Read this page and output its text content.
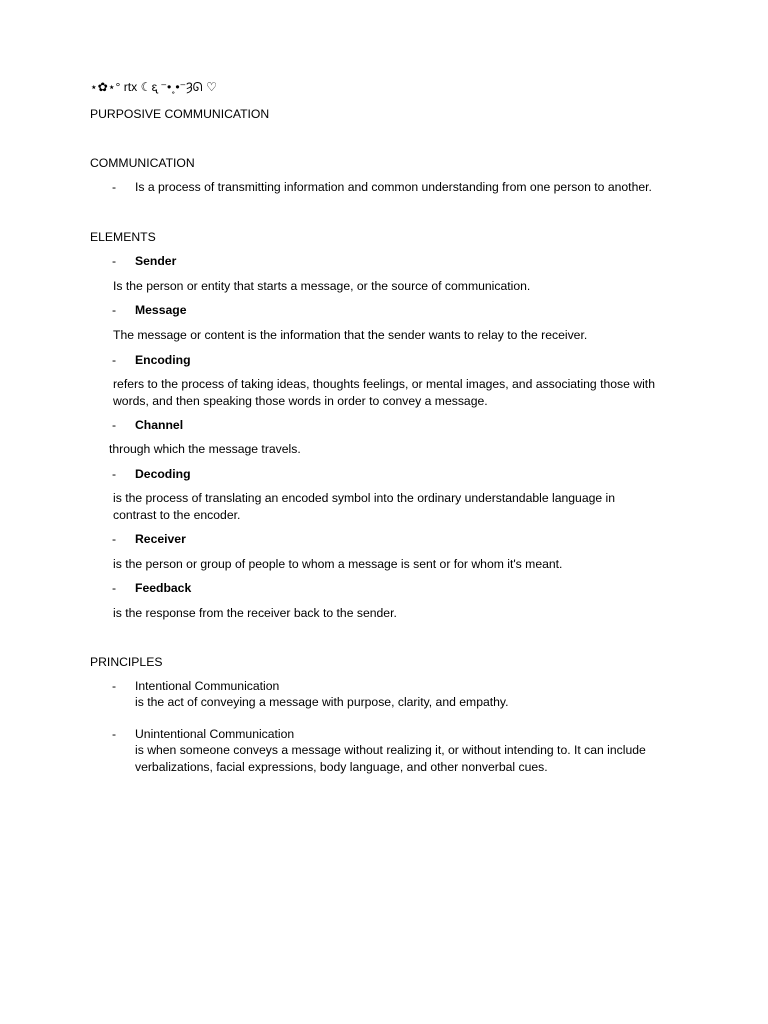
⋆✿⋆° rtx ☾ᶓ ⁻•˳•⁻Ȝᘏ ♡
PURPOSIVE COMMUNICATION
COMMUNICATION
- Is a process of transmitting information and common understanding from one person to another.
ELEMENTS
- Sender
Is the person or entity that starts a message, or the source of communication.
- Message
The message or content is the information that the sender wants to relay to the receiver.
- Encoding
refers to the process of taking ideas, thoughts feelings, or mental images, and associating those with words, and then speaking those words in order to convey a message.
- Channel
through which the message travels.
- Decoding
is the process of translating an encoded symbol into the ordinary understandable language in contrast to the encoder.
- Receiver
is the person or group of people to whom a message is sent or for whom it's meant.
- Feedback
is the response from the receiver back to the sender.
PRINCIPLES
- Intentional Communication
is the act of conveying a message with purpose, clarity, and empathy.
- Unintentional Communication
is when someone conveys a message without realizing it, or without intending to. It can include verbalizations, facial expressions, body language, and other nonverbal cues.
